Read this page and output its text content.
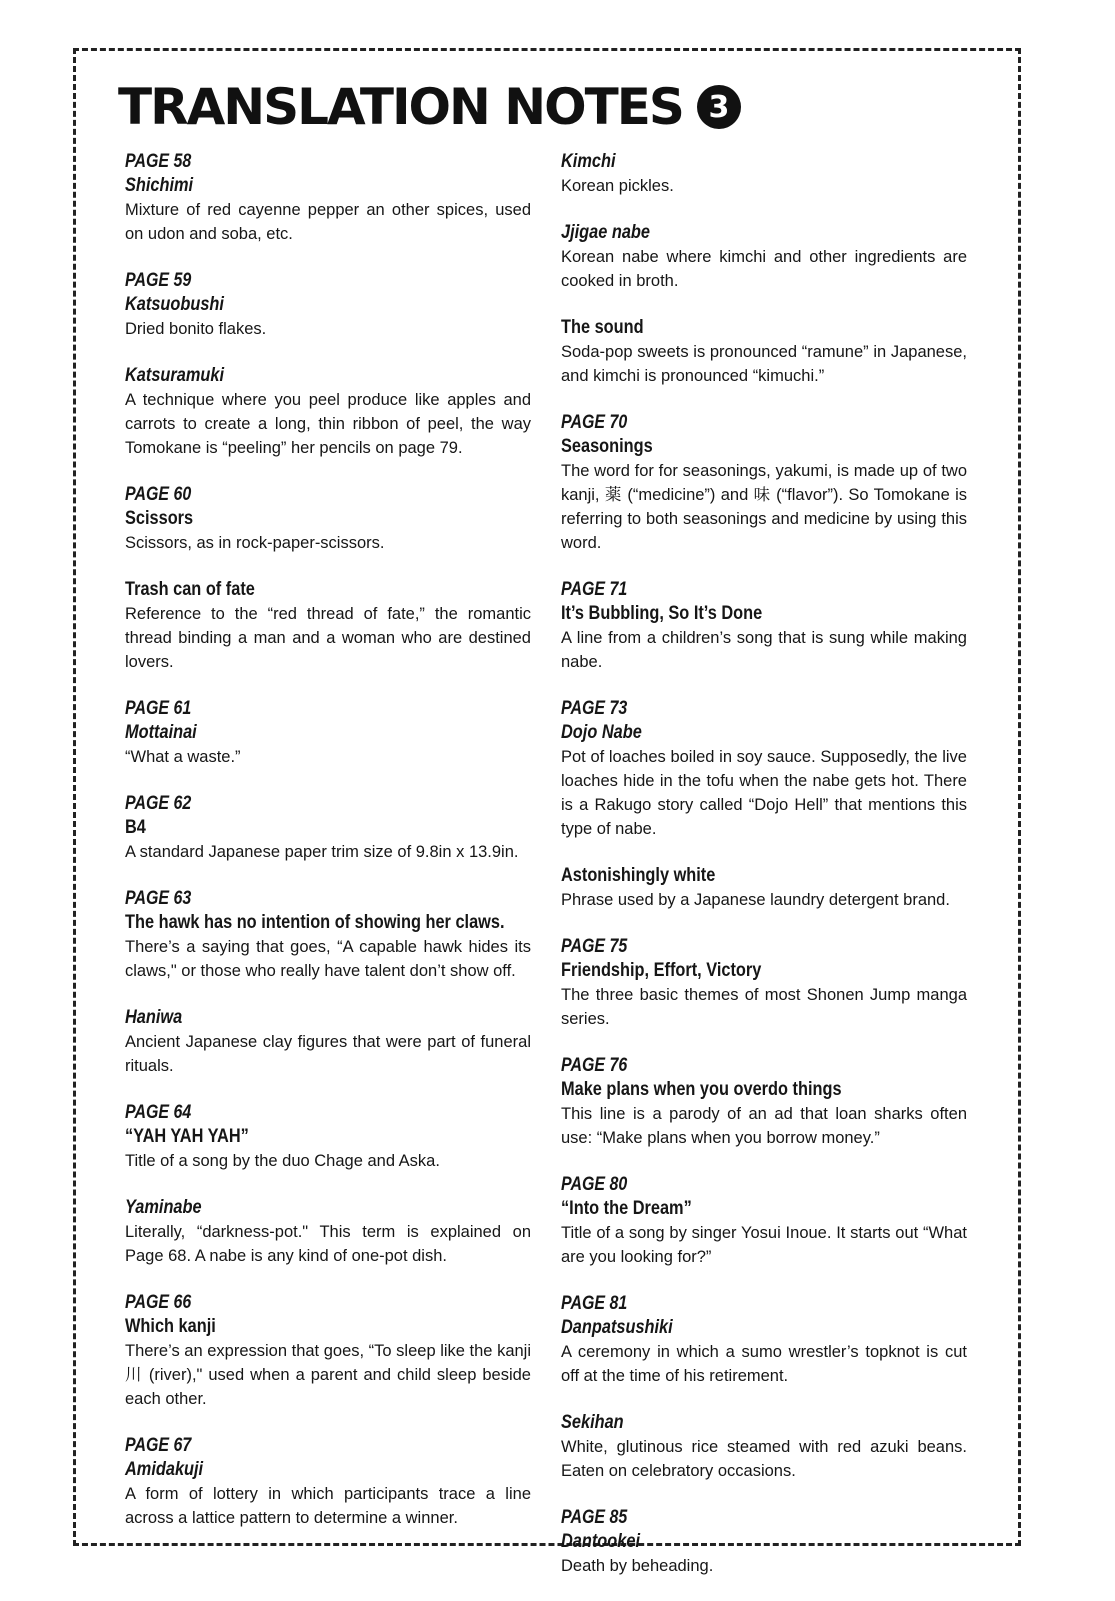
TRANSLATION NOTES 3
PAGE 58
Shichimi
Mixture of red cayenne pepper an other spices, used on udon and soba, etc.
PAGE 59
Katsuobushi
Dried bonito flakes.
Katsuramuki
A technique where you peel produce like apples and carrots to create a long, thin ribbon of peel, the way Tomokane is “peeling” her pencils on page 79.
PAGE 60
Scissors
Scissors, as in rock-paper-scissors.
Trash can of fate
Reference to the “red thread of fate,” the romantic thread binding a man and a woman who are destined lovers.
PAGE 61
Mottainai
“What a waste.”
PAGE 62
B4
A standard Japanese paper trim size of 9.8in x 13.9in.
PAGE 63
The hawk has no intention of showing her claws.
There’s a saying that goes, “A capable hawk hides its claws," or those who really have talent don’t show off.
Haniwa
Ancient Japanese clay figures that were part of funeral rituals.
PAGE 64
“YAH YAH YAH”
Title of a song by the duo Chage and Aska.
Yaminabe
Literally, “darkness-pot." This term is explained on Page 68. A nabe is any kind of one-pot dish.
PAGE 66
Which kanji
There’s an expression that goes, “To sleep like the kanji 川 (river)," used when a parent and child sleep beside each other.
PAGE 67
Amidakuji
A form of lottery in which participants trace a line across a lattice pattern to determine a winner.
Kimchi
Korean pickles.
Jjigae nabe
Korean nabe where kimchi and other ingredients are cooked in broth.
The sound
Soda-pop sweets is pronounced “ramune” in Japanese, and kimchi is pronounced “kimuchi.”
PAGE 70
Seasonings
The word for for seasonings, yakumi, is made up of two kanji, 薬 (“medicine”) and 味 (“flavor”). So Tomokane is referring to both seasonings and medicine by using this word.
PAGE 71
It’s Bubbling, So It’s Done
A line from a children’s song that is sung while making nabe.
PAGE 73
Dojo Nabe
Pot of loaches boiled in soy sauce. Supposedly, the live loaches hide in the tofu when the nabe gets hot. There is a Rakugo story called “Dojo Hell” that mentions this type of nabe.
Astonishingly white
Phrase used by a Japanese laundry detergent brand.
PAGE 75
Friendship, Effort, Victory
The three basic themes of most Shonen Jump manga series.
PAGE 76
Make plans when you overdo things
This line is a parody of an ad that loan sharks often use: “Make plans when you borrow money.”
PAGE 80
“Into the Dream”
Title of a song by singer Yosui Inoue. It starts out “What are you looking for?”
PAGE 81
Danpatsushiki
A ceremony in which a sumo wrestler’s topknot is cut off at the time of his retirement.
Sekihan
White, glutinous rice steamed with red azuki beans. Eaten on celebratory occasions.
PAGE 85
Dantookei
Death by beheading.
